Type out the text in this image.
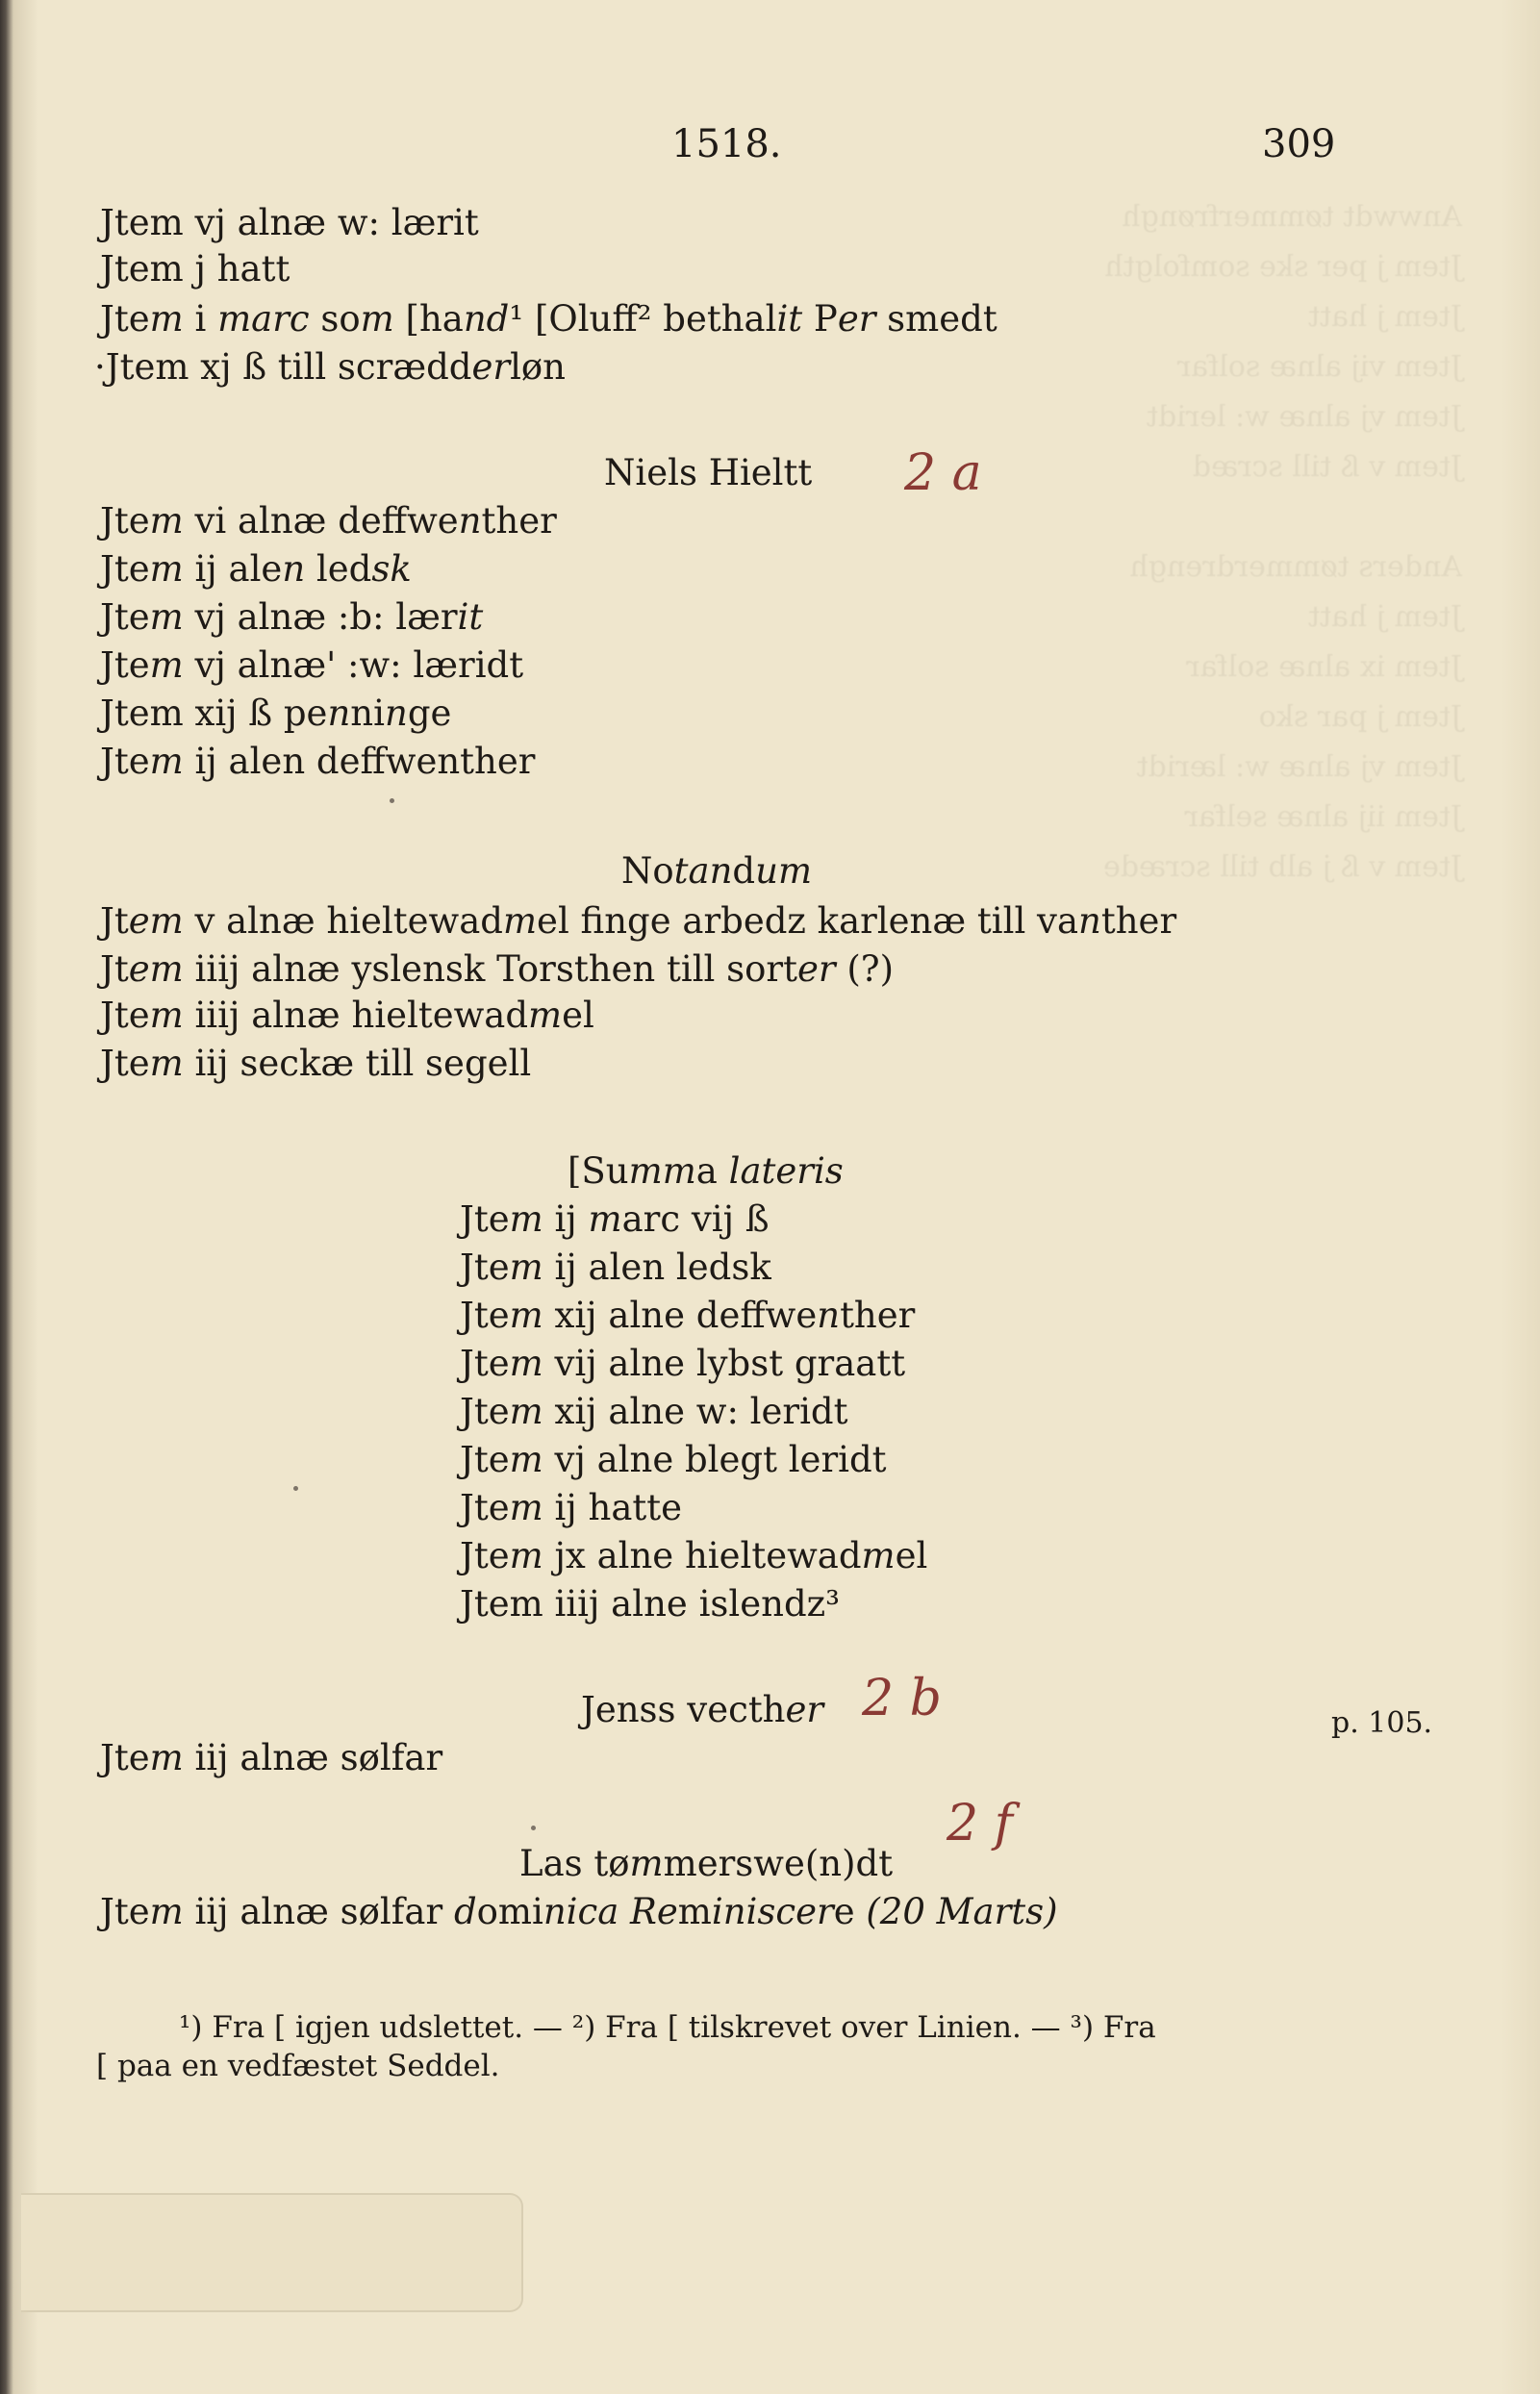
Anwwdt tømmerfrøngh
Jtem j per ske somfolgth
Jtem j hatt
Jtem vij alnæ solfar
Jtem vj alnæ w: leridt
Jtem v ß till scræd

Anders tømmerdrengh
Jtem j hatt
Jtem ix alnæ solfar
Jtem j par sko
Jtem vj alnæ w: læridt
Jtem iij alnæ selfar
Jtem v ß j alb till scræde
1518.	309
Jtem vj alnæ w: lærit
Jtem j hatt
Jtem i marc som [hand¹ [Oluff² bethalit Per smedt
·Jtem xj ß till scrædderløn
Niels Hieltt 2 a
Jtem vi alnæ deffwenther
Jtem ij alen ledsk
Jtem vj alnæ :b: lærit
Jtem vj alnæ' :w: læridt
Jtem xij ß penninge
Jtem ij alen deffwenther
Notandum
Jtem v alnæ hieltewadmel finge arbedz karlenæ till vanther
Jtem iiij alnæ yslensk Torsthen till sorter (?)
Jtem iiij alnæ hieltewadmel
Jtem iij seckæ till segell
[Summa lateris
Jtem ij marc vij ß
Jtem ij alen ledsk
Jtem xij alne deffwenther
Jtem vij alne lybst graatt
Jtem xij alne w: leridt
Jtem vj alne blegt leridt
Jtem ij hatte
Jtem jx alne hieltewadmel
Jtem iiij alne islendz³
Jenss vecther 2 b	p. 105.
Jtem iij alnæ sølfar
2 f
Las tømmerswe(n)dt
Jtem iij alnæ sølfar dominica Reminiscere (20 Marts)
¹) Fra [ igjen udslettet. — ²) Fra [ tilskrevet over Linien. — ³) Fra
[ paa en vedfæstet Seddel.
